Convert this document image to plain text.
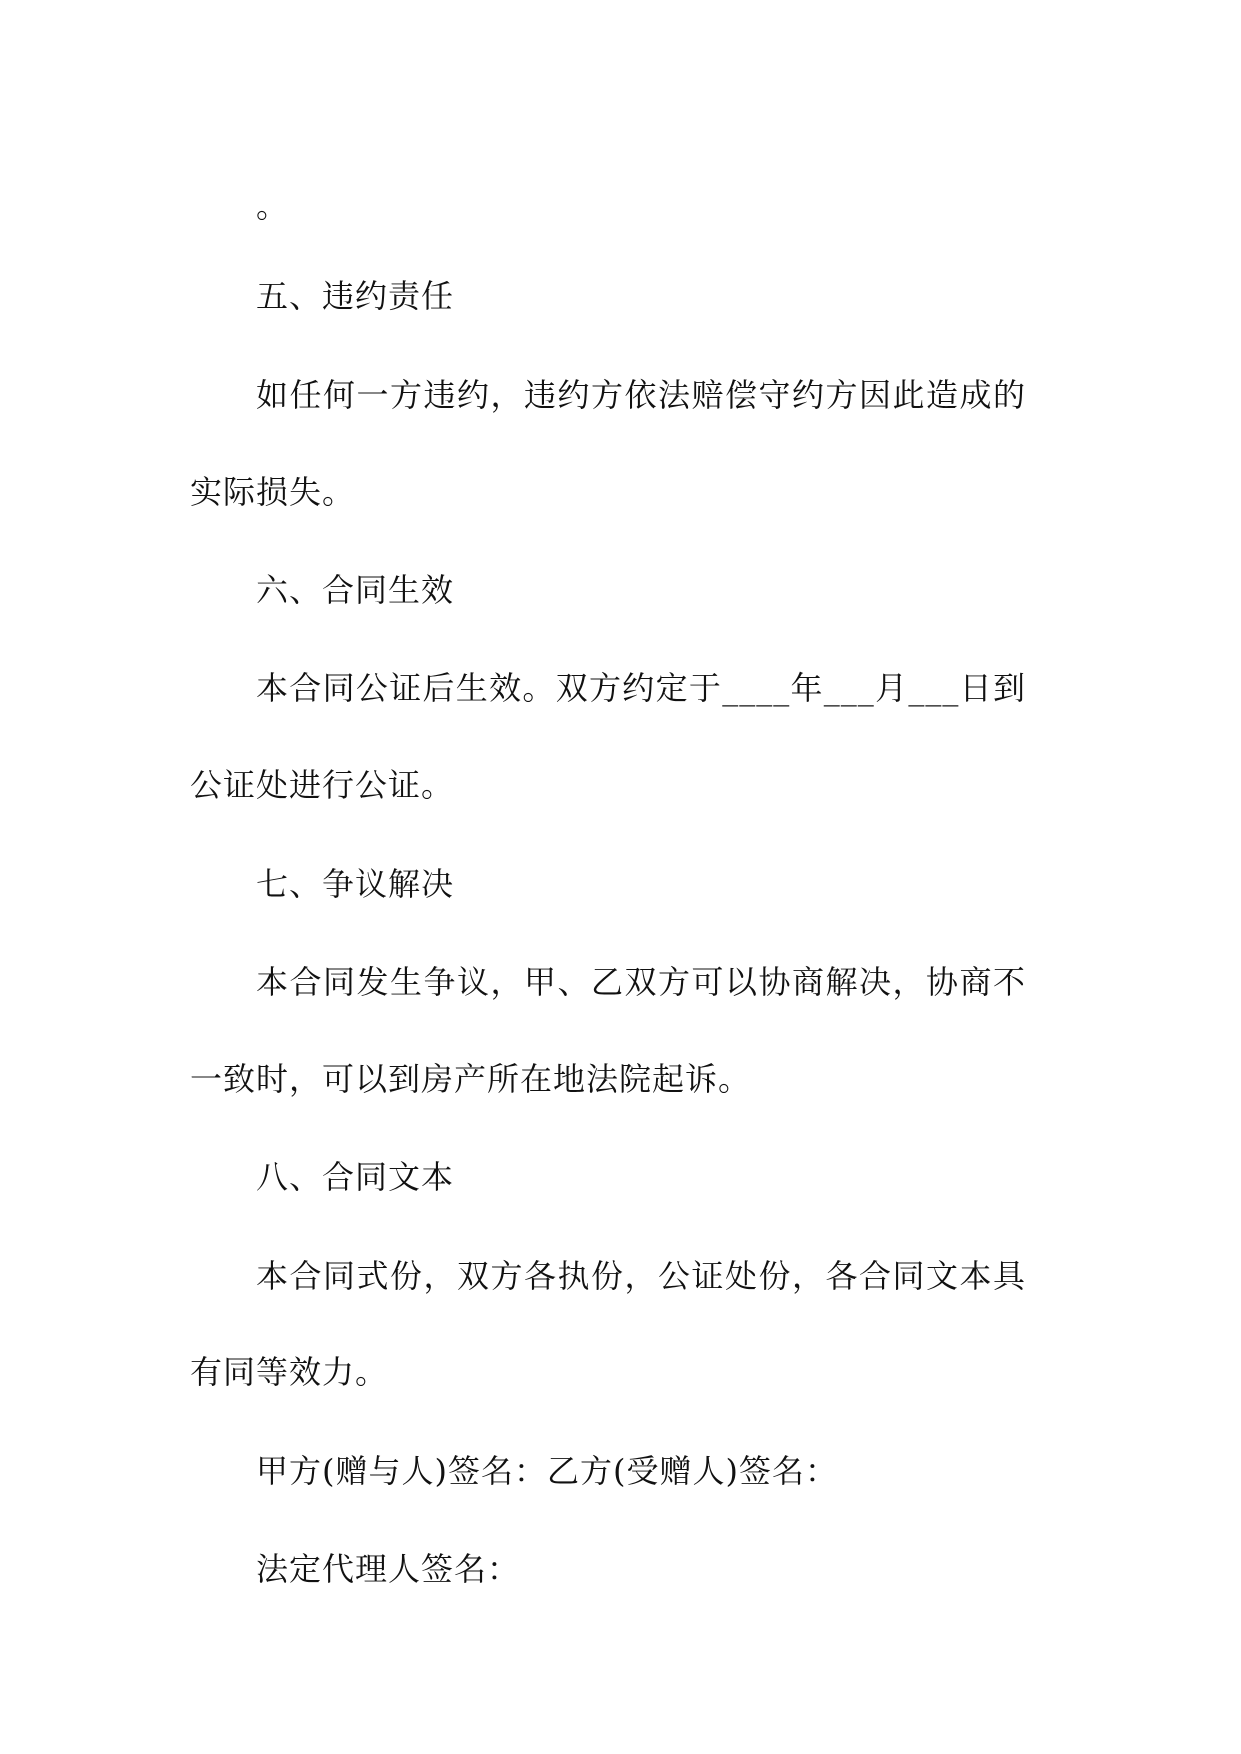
。
五、违约责任
如任何一方违约，违约方依法赔偿守约方因此造成的
实际损失。
六、合同生效
本合同公证后生效。双方约定于____年___月___日到
公证处进行公证。
七、争议解决
本合同发生争议，甲、乙双方可以协商解决，协商不
一致时，可以到房产所在地法院起诉。
八、合同文本
本合同式份，双方各执份，公证处份，各合同文本具
有同等效力。
甲方(赠与人)签名：乙方(受赠人)签名：
法定代理人签名：
